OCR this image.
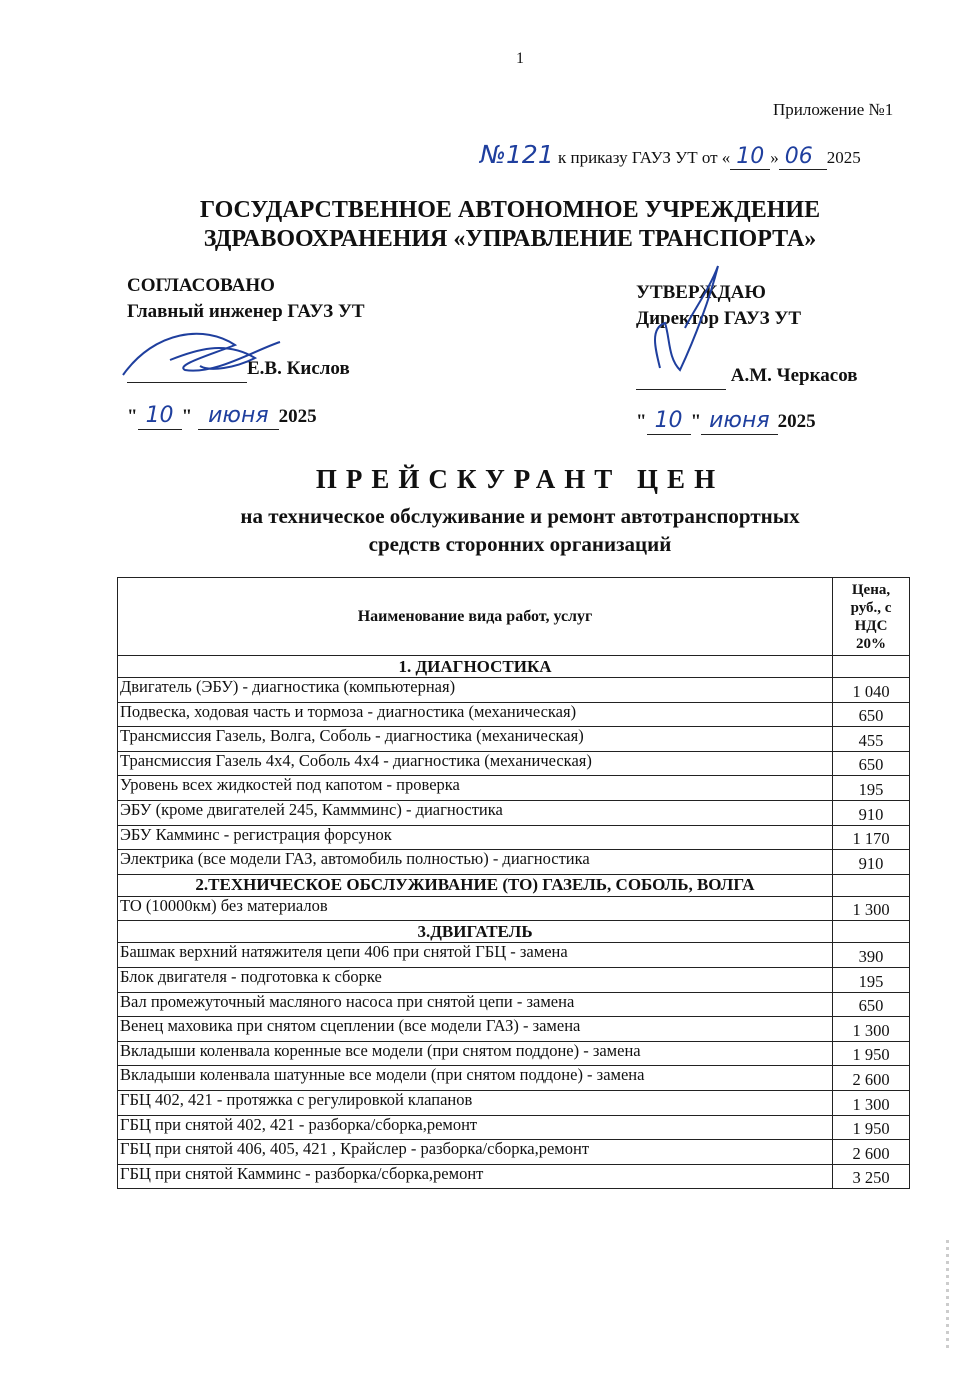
1
Приложение №1
№121 к приказу ГАУЗ УТ от « 10 » 06 2025
ГОСУДАРСТВЕННОЕ АВТОНОМНОЕ УЧРЕЖДЕНИЕ
ЗДРАВООХРАНЕНИЯ «УПРАВЛЕНИЕ ТРАНСПОРТА»
СОГЛАСОВАНО
Главный инженер ГАУЗ УТ
Е.В. Кислов
" 10 " июня 2025
УТВЕРЖДАЮ
Директор ГАУЗ УТ
А.М. Черкасов
" 10 " июня 2025
ПРЕЙСКУРАНТ ЦЕН
на техническое обслуживание и ремонт автотранспортных
средств сторонних организаций
Наименование вида работ, услуг	Цена,
руб., с
НДС
20%

1. ДИАГНОСТИКА	
Двигатель (ЭБУ) - диагностика (компьютерная)	1 040
Подвеска, ходовая часть и тормоза - диагностика (механическая)	650
Трансмиссия Газель, Волга, Соболь - диагностика (механическая)	455
Трансмиссия Газель 4х4, Соболь 4х4 - диагностика (механическая)	650
Уровень всех жидкостей под капотом - проверка	195
ЭБУ (кроме двигателей 245, Каммминс) - диагностика	910
ЭБУ Камминс - регистрация форсунок	1 170
Электрика (все модели ГАЗ, автомобиль полностью) - диагностика	910
2.ТЕХНИЧЕСКОЕ ОБСЛУЖИВАНИЕ (ТО) ГАЗЕЛЬ, СОБОЛЬ, ВОЛГА	
ТО (10000км) без материалов	1 300
3.ДВИГАТЕЛЬ	
Башмак верхний натяжителя цепи 406 при снятой ГБЦ - замена	390
Блок двигателя - подготовка к сборке	195
Вал промежуточный масляного насоса при снятой цепи - замена	650
Венец маховика при снятом сцеплении (все модели ГАЗ) - замена	1 300
Вкладыши коленвала коренные все модели (при снятом поддоне) - замена	1 950
Вкладыши коленвала шатунные все модели (при снятом поддоне) - замена	2 600
ГБЦ 402, 421 - протяжка с регулировкой клапанов	1 300
ГБЦ при снятой 402, 421 - разборка/сборка,ремонт	1 950
ГБЦ при снятой 406, 405, 421 , Крайслер - разборка/сборка,ремонт	2 600
ГБЦ при снятой Камминс - разборка/сборка,ремонт	3 250
